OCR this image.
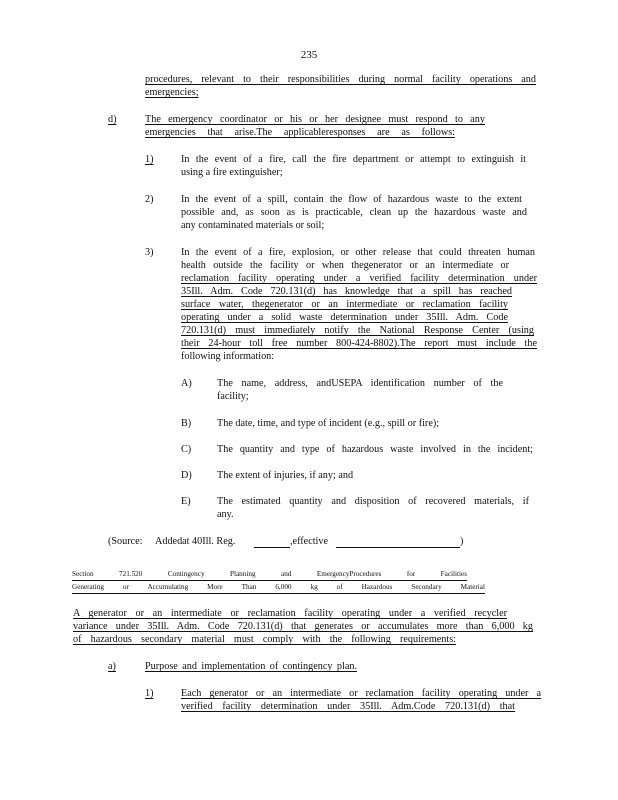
235
procedures, relevant to their responsibilities during normal facility operations and
emergencies;
d)	The emergency coordinator or his or her designee must respond to any
emergencies that arise.The applicableresponses are as follows:
1)	In the event of a fire, call the fire department or attempt to extinguish it
using a fire extinguisher;
2)	In the event of a spill, contain the flow of hazardous waste to the extent
possible and, as soon as is practicable, clean up the hazardous waste and
any contaminated materials or soil;
3)	In the event of a fire, explosion, or other release that could threaten human
health outside the facility or when thegenerator or an intermediate or
reclamation facility operating under a verified facility determination under
35Ill. Adm. Code 720.131(d) has knowledge that a spill has reached
surface water, thegenerator or an intermediate or reclamation facility
operating under a solid waste determination under 35Ill. Adm. Code
720.131(d) must immediately notify the National Response Center (using
their 24-hour toll free number 800-424-8802).The report must include the
following information:
A) The name, address, andUSEPA identification number of the
facility;
B)	The date, time, and type of incident (e.g., spill or fire);
C)	The quantity and type of hazardous waste involved in the incident;
D) The extent of injuries, if any; and
E)	The estimated quantity and disposition of recovered materials, if
any.
(Source: Addedat 40Ill. Reg.	,effective	)
Section 721.520 Contingency Planning and EmergencyProcedures for Facilities
Generating or Accumulating More Than 6,000 kg of Hazardous Secondary Material
A generator or an intermediate or reclamation facility operating under a verified recycler
variance under 35Ill. Adm. Code 720.131(d) that generates or accumulates more than 6,000 kg
of hazardous secondary material must comply with the following requirements:
a)	Purpose and implementation of contingency plan.
1)	Each generator or an intermediate or reclamation facility operating under a
verified facility determination under 35Ill. Adm.Code 720.131(d) that
